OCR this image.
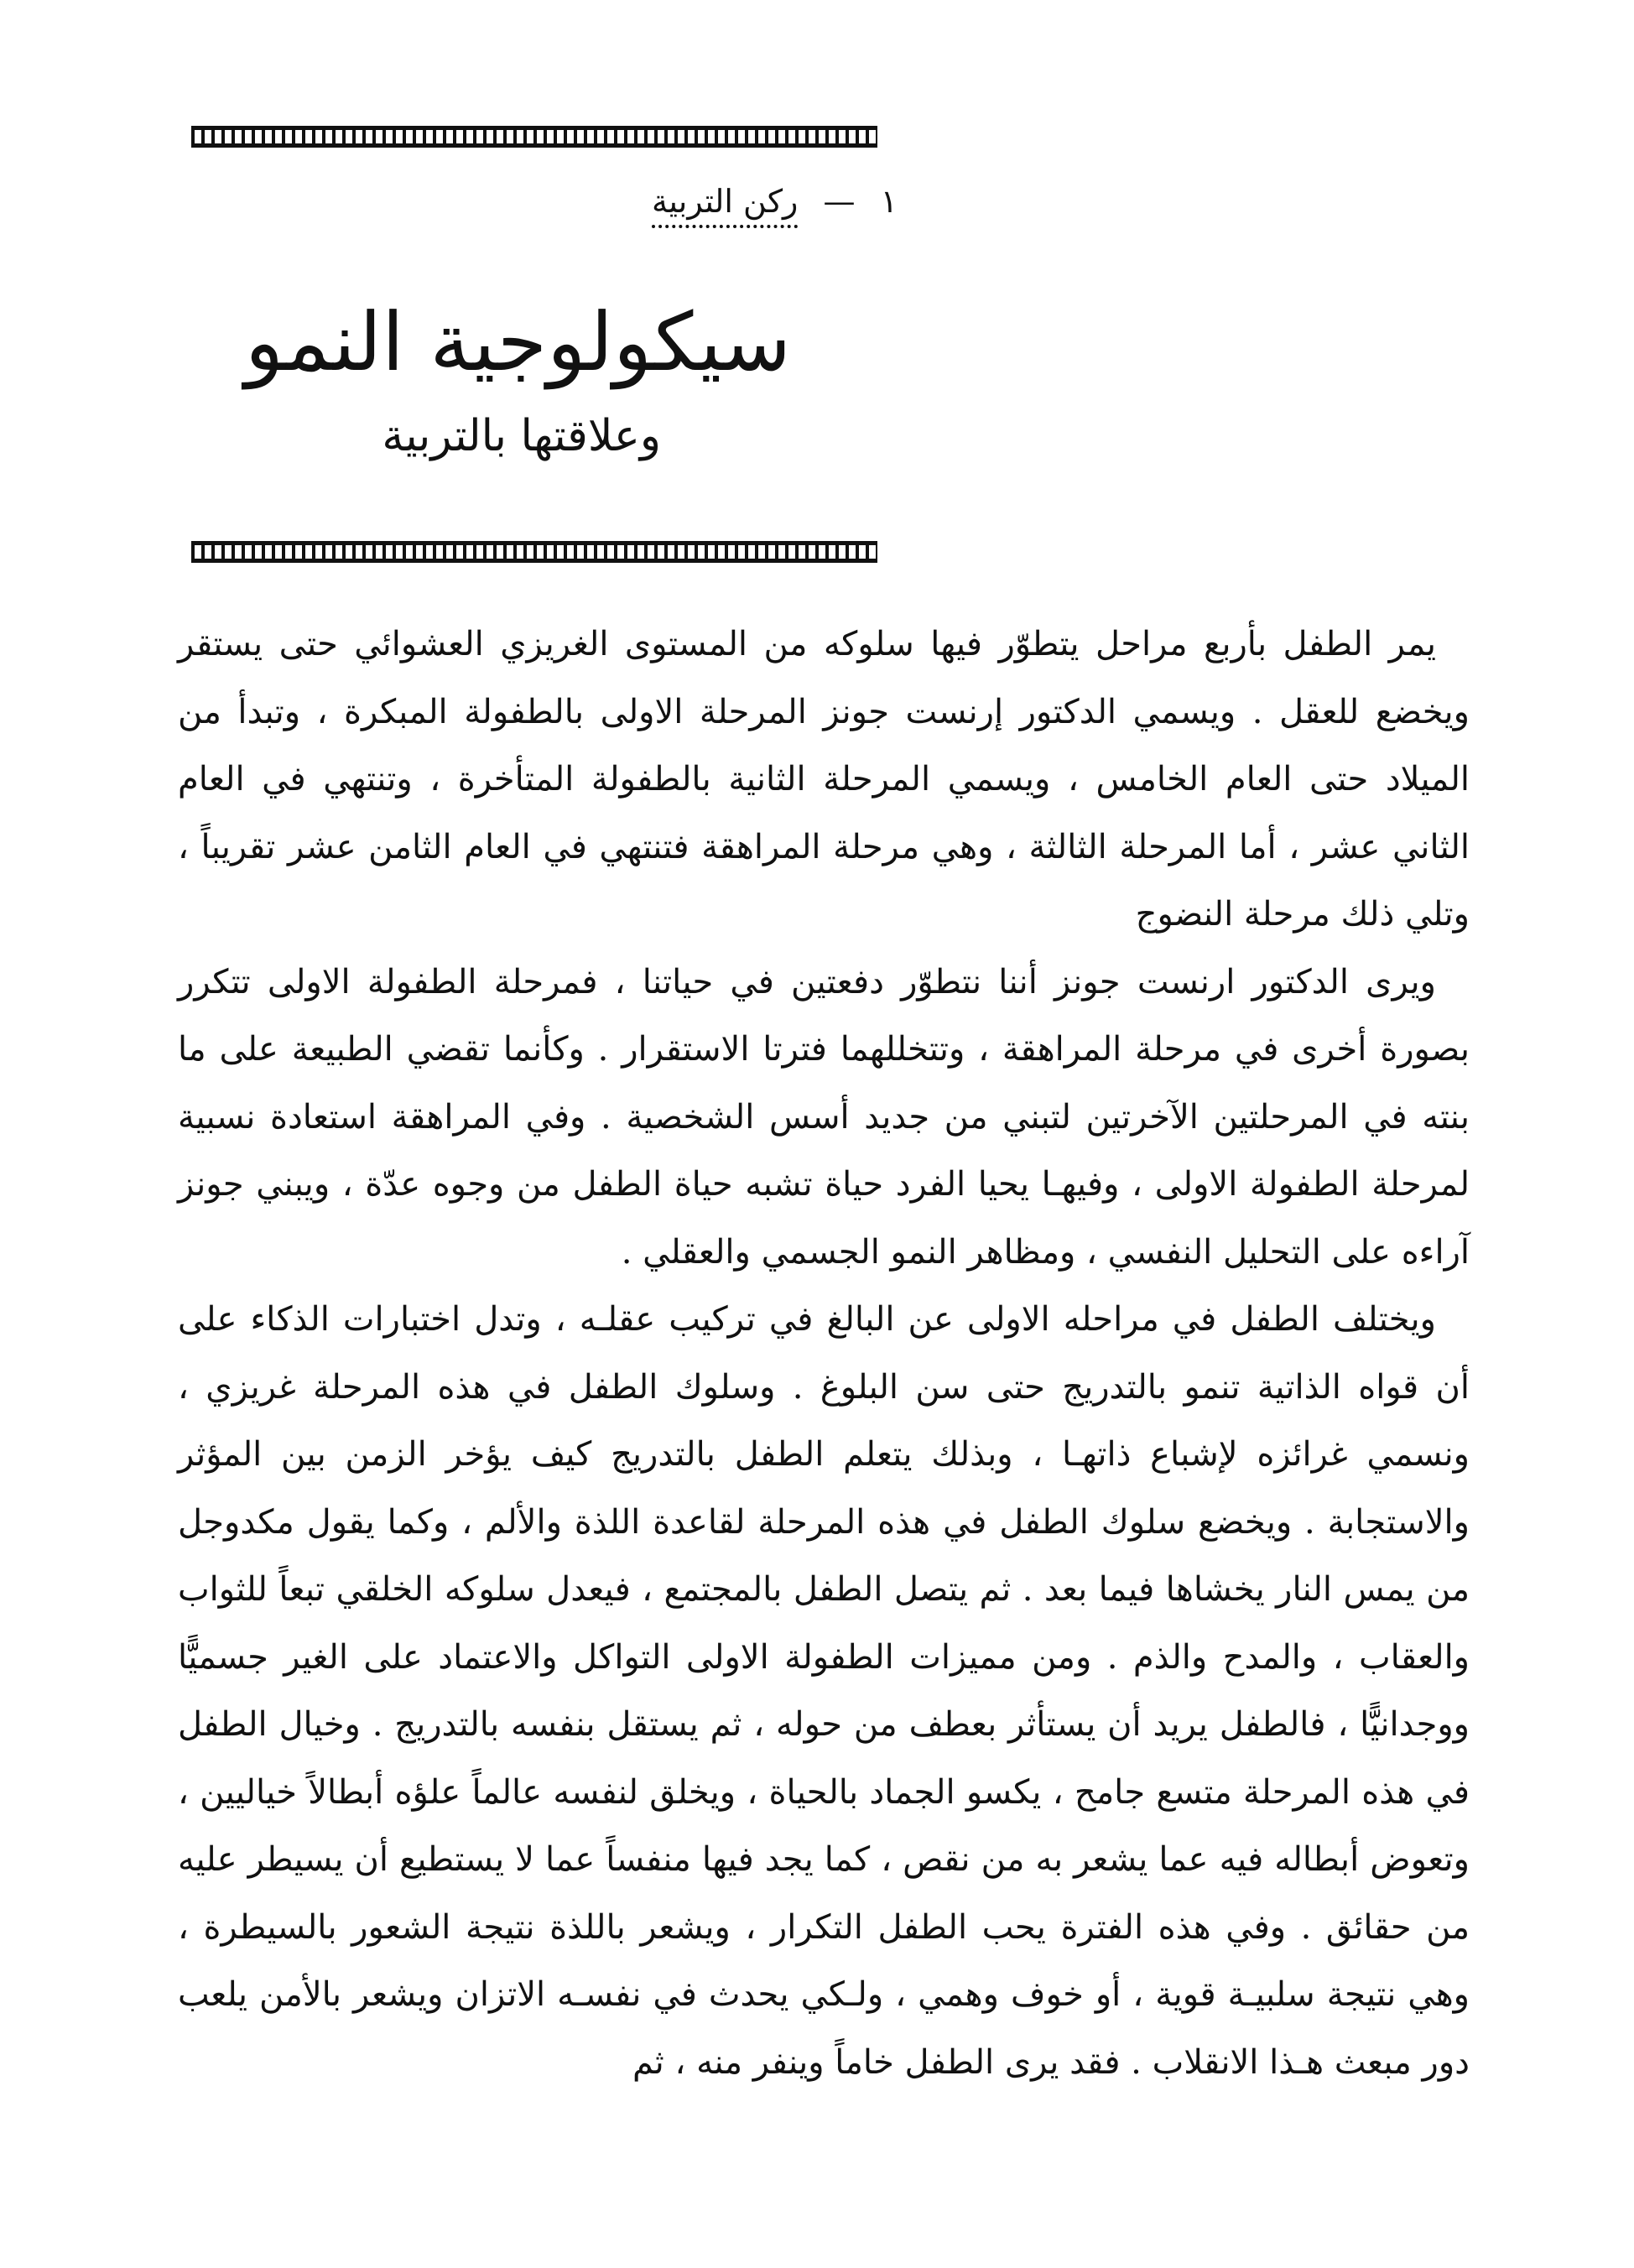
١ — ركن التربية
سيكولوجية النمو
وعلاقتها بالتربية

يمر الطفل بأربع مراحل يتطوّر فيها سلوكه من المستوى الغريزي العشوائي حتى يستقر ويخضع للعقل . ويسمي الدكتور إرنست جونز المرحلة الاولى بالطفولة المبكرة ، وتبدأ من الميلاد حتى العام الخامس ، ويسمي المرحلة الثانية بالطفولة المتأخرة ، وتنتهي في العام الثاني عشر ، أما المرحلة الثالثة ، وهي مرحلة المراهقة فتنتهي في العام الثامن عشر تقريباً ، وتلي ذلك مرحلة النضوج

ويرى الدكتور ارنست جونز أننا نتطوّر دفعتين في حياتنا ، فمرحلة الطفولة الاولى تتكرر بصورة أخرى في مرحلة المراهقة ، وتتخللهما فترتا الاستقرار . وكأنما تقضي الطبيعة على ما بنته في المرحلتين الآخرتين لتبني من جديد أسس الشخصية . وفي المراهقة استعادة نسبية لمرحلة الطفولة الاولى ، وفيهـا يحيا الفرد حياة تشبه حياة الطفل من وجوه عدّة ، ويبني جونز آراءه على التحليل النفسي ، ومظاهر النمو الجسمي والعقلي .

ويختلف الطفل في مراحله الاولى عن البالغ في تركيب عقلـه ، وتدل اختبارات الذكاء على أن قواه الذاتية تنمو بالتدريج حتى سن البلوغ . وسلوك الطفل في هذه المرحلة غريزي ، ونسمي غرائزه لإشباع ذاتهـا ، وبذلك يتعلم الطفل بالتدريج كيف يؤخر الزمن بين المؤثر والاستجابة . ويخضع سلوك الطفل في هذه المرحلة لقاعدة اللذة والألم ، وكما يقول مكدوجل من يمس النار يخشاها فيما بعد . ثم يتصل الطفل بالمجتمع ، فيعدل سلوكه الخلقي تبعاً للثواب والعقاب ، والمدح والذم . ومن مميزات الطفولة الاولى التواكل والاعتماد على الغير جسميًّا ووجدانيًّا ، فالطفل يريد أن يستأثر بعطف من حوله ، ثم يستقل بنفسه بالتدريج . وخيال الطفل في هذه المرحلة متسع جامح ، يكسو الجماد بالحياة ، ويخلق لنفسه عالماً علؤه أبطالاً خياليين ، وتعوض أبطاله فيه عما يشعر به من نقص ، كما يجد فيها منفساً عما لا يستطيع أن يسيطر عليه من حقائق . وفي هذه الفترة يحب الطفل التكرار ، ويشعر باللذة نتيجة الشعور بالسيطرة ، وهي نتيجة سلبيـة قوية ، أو خوف وهمي ، ولـكي يحدث في نفسـه الاتزان ويشعر بالأمن يلعب دور مبعث هـذا الانقلاب . فقد يرى الطفل خاماً وينفر منه ، ثم
